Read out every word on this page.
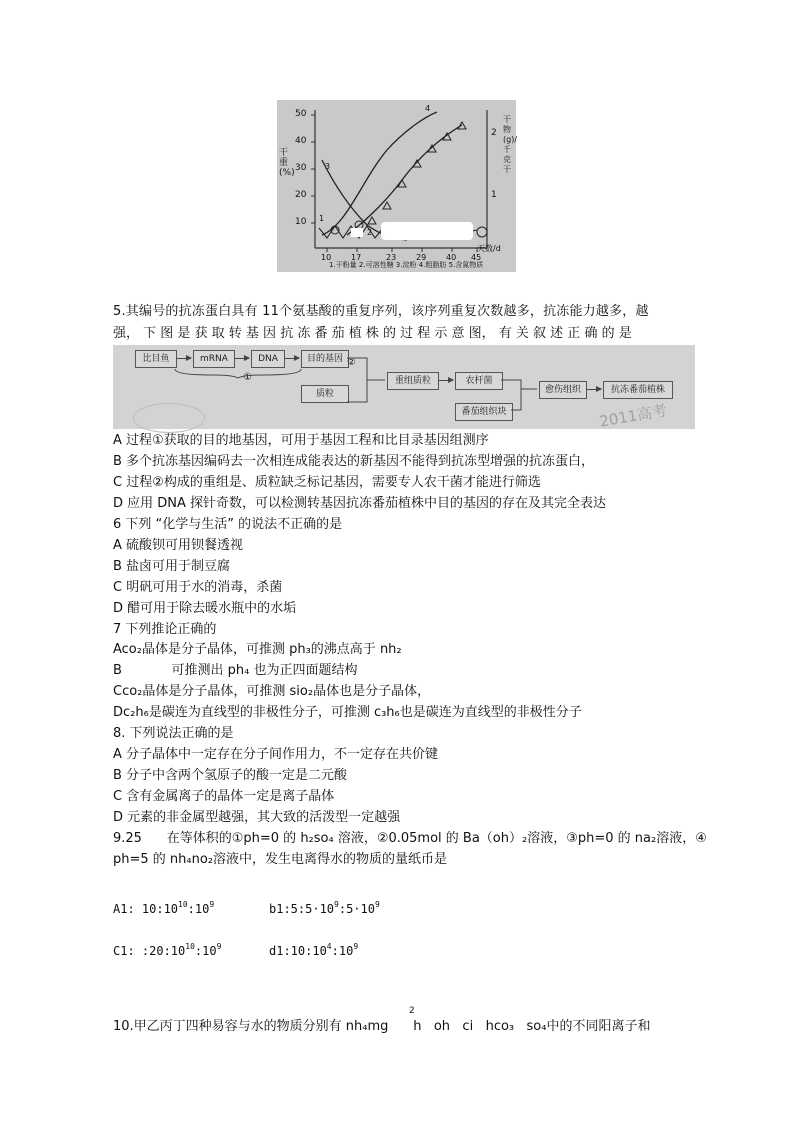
干重(%)
50
40
30
20
10
干物(g)/千克干
2
1
10 17	23 29 40 45
天数/d
1
2
3
4
1.干粉量 2.可溶性糖 3.淀粉 4.粗脂肪 5.含氮物质
5.其编号的抗冻蛋白具有 11个氨基酸的重复序列，该序列重复次数越多，抗冻能力越多，越
强， 下 图 是 获 取 转 基 因 抗 冻 番 茄 植 株 的 过 程 示 意 图， 有 关 叙 述 正 确 的 是
比目鱼	mRNA	DNA	目的基因
①
质粒
②
重组质粒	农杆菌
番茄组织块
愈伤组织	抗冻番茄植株
2011高考
A 过程①获取的目的地基因，可用于基因工程和比目录基因组测序
B 多个抗冻基因编码去一次相连成能表达的新基因不能得到抗冻型增强的抗冻蛋白，
C 过程②构成的重组是、质粒缺乏标记基因，需要专人农干菌才能进行筛选
D 应用 DNA 探针奇数，可以检测转基因抗冻番茄植株中目的基因的存在及其完全表达
6 下列 “化学与生活” 的说法不正确的是
A 硫酸钡可用钡餐透视
B 盐卤可用于制豆腐
C 明矾可用于水的消毒，杀菌
D 醋可用于除去暖水瓶中的水垢
7 下列推论正确的
Aco₂晶体是分子晶体，可推测 ph₃的沸点高于 nh₂
B            可推测出 ph₄ 也为正四面题结构
Cco₂晶体是分子晶体，可推测 sio₂晶体也是分子晶体，
Dc₂h₆是碳连为直线型的非极性分子，可推测 c₃h₆也是碳连为直线型的非极性分子
8. 下列说法正确的是
A 分子晶体中一定存在分子间作用力，不一定存在共价键
B 分子中含两个氢原子的酸一定是二元酸
C 含有金属离子的晶体一定是离子晶体
D 元素的非金属型越强，其大致的活泼型一定越强
9.25      在等体积的①ph=0 的 h₂so₄ 溶液，②0.05mol 的 Ba（oh）₂溶液，③ph=0 的 na₂溶液，④
ph=5 的 nh₄no₂溶液中，发生电离得水的物质的量纸币是
A1: $10:10^{10}:10^9$	$b1:5:5\cdot 10^9:5\cdot 10^9$
C1: $:20:10^{10}:10^9$	$d1:10:10^4:10^9$
2
10.甲乙丙丁四种易容与水的物质分别有 nh₄mg      h   oh   ci   hco₃   so₄中的不同阳离子和
